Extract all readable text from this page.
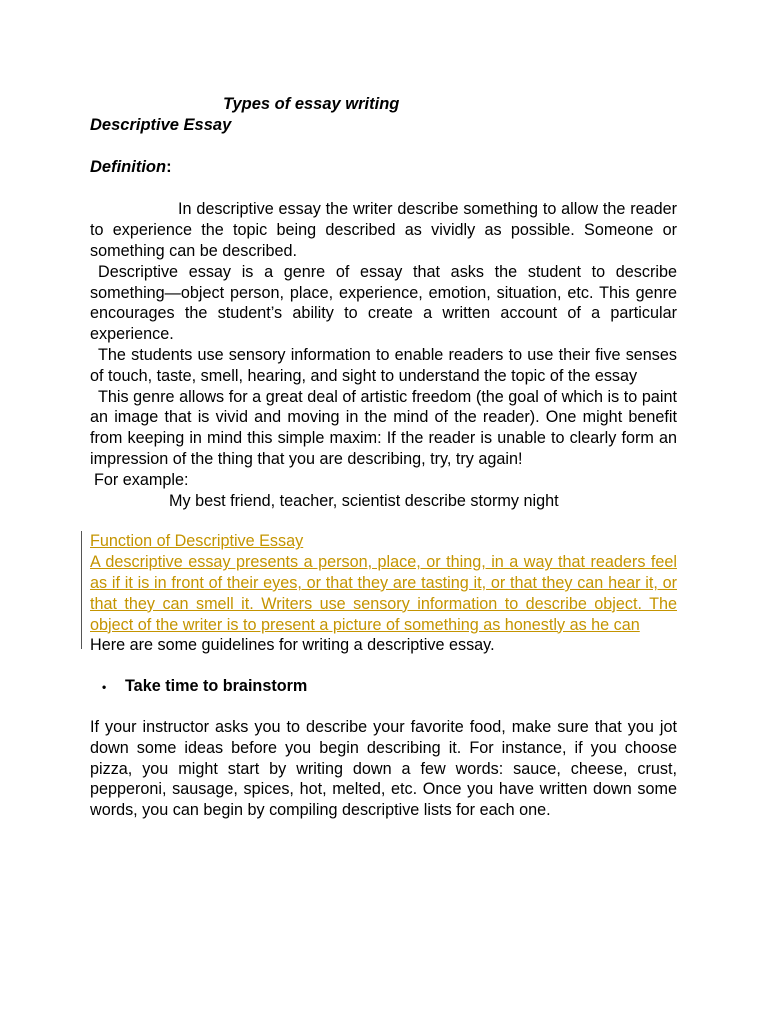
Types of essay writing

Descriptive Essay

Definition:

In descriptive essay the writer describe something to allow the reader to experience the topic being described as vividly as possible. Someone or something can be described.

Descriptive essay is a genre of essay that asks the student to describe something—object person, place, experience, emotion, situation, etc. This genre encourages the student’s ability to create a written account of a particular experience.

The students use sensory information to enable readers to use their five senses of touch, taste, smell, hearing, and sight to understand the topic of the essay

This genre allows for a great deal of artistic freedom (the goal of which is to paint an image that is vivid and moving in the mind of the reader). One might benefit from keeping in mind this simple maxim: If the reader is unable to clearly form an impression of the thing that you are describing, try, try again!

For example:

My best friend, teacher, scientist describe stormy night

Function of Descriptive Essay

A descriptive essay presents a person, place, or thing, in a way that readers feel as if it is in front of their eyes, or that they are tasting it, or that they can hear it, or that they can smell it. Writers use sensory information to describe object. The object of the writer is to present a picture of something as honestly as he can

Here are some guidelines for writing a descriptive essay.

•	Take time to brainstorm

If your instructor asks you to describe your favorite food, make sure that you jot down some ideas before you begin describing it. For instance, if you choose pizza, you might start by writing down a few words: sauce, cheese, crust, pepperoni, sausage, spices, hot, melted, etc. Once you have written down some words, you can begin by compiling descriptive lists for each one.
